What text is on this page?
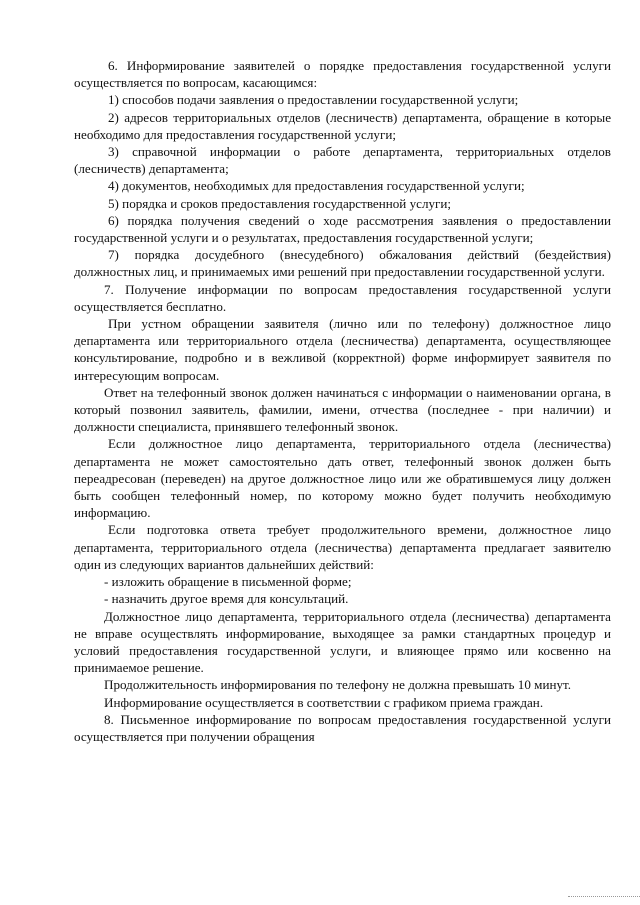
6. Информирование заявителей о порядке предоставления государственной услуги осуществляется по вопросам, касающимся:

1) способов подачи заявления о предоставлении государственной услуги;

2) адресов территориальных отделов (лесничеств) департамента, обращение в которые необходимо для предоставления государственной услуги;

3) справочной информации о работе департамента, территориальных отделов (лесничеств) департамента;

4) документов, необходимых для предоставления государственной услуги;

5) порядка и сроков предоставления государственной услуги;

6) порядка получения сведений о ходе рассмотрения заявления о предоставлении государственной услуги и о результатах, предоставления государственной услуги;

7) порядка досудебного (внесудебного) обжалования действий (бездействия) должностных лиц, и принимаемых ими решений при предоставлении государственной услуги.

7. Получение информации по вопросам предоставления государственной услуги осуществляется бесплатно.

При устном обращении заявителя (лично или по телефону) должностное лицо департамента или территориального отдела (лесничества) департамента, осуществляющее консультирование, подробно и в вежливой (корректной) форме информирует заявителя по интересующим вопросам.

Ответ на телефонный звонок должен начинаться с информации о наименовании органа, в который позвонил заявитель, фамилии, имени, отчества (последнее - при наличии) и должности специалиста, принявшего телефонный звонок.

Если должностное лицо департамента, территориального отдела (лесничества) департамента не может самостоятельно дать ответ, телефонный звонок должен быть переадресован (переведен) на другое должностное лицо или же обратившемуся лицу должен быть сообщен телефонный номер, по которому можно будет получить необходимую информацию.

Если подготовка ответа требует продолжительного времени, должностное лицо департамента, территориального отдела (лесничества) департамента предлагает заявителю один из следующих вариантов дальнейших действий:

- изложить обращение в письменной форме;

- назначить другое время для консультаций.

Должностное лицо департамента, территориального отдела (лесничества) департамента не вправе осуществлять информирование, выходящее за рамки стандартных процедур и условий предоставления государственной услуги, и влияющее прямо или косвенно на принимаемое решение.

Продолжительность информирования по телефону не должна превышать 10 минут.

Информирование осуществляется в соответствии с графиком приема граждан.

8. Письменное информирование по вопросам предоставления государственной услуги осуществляется при получении обращения
